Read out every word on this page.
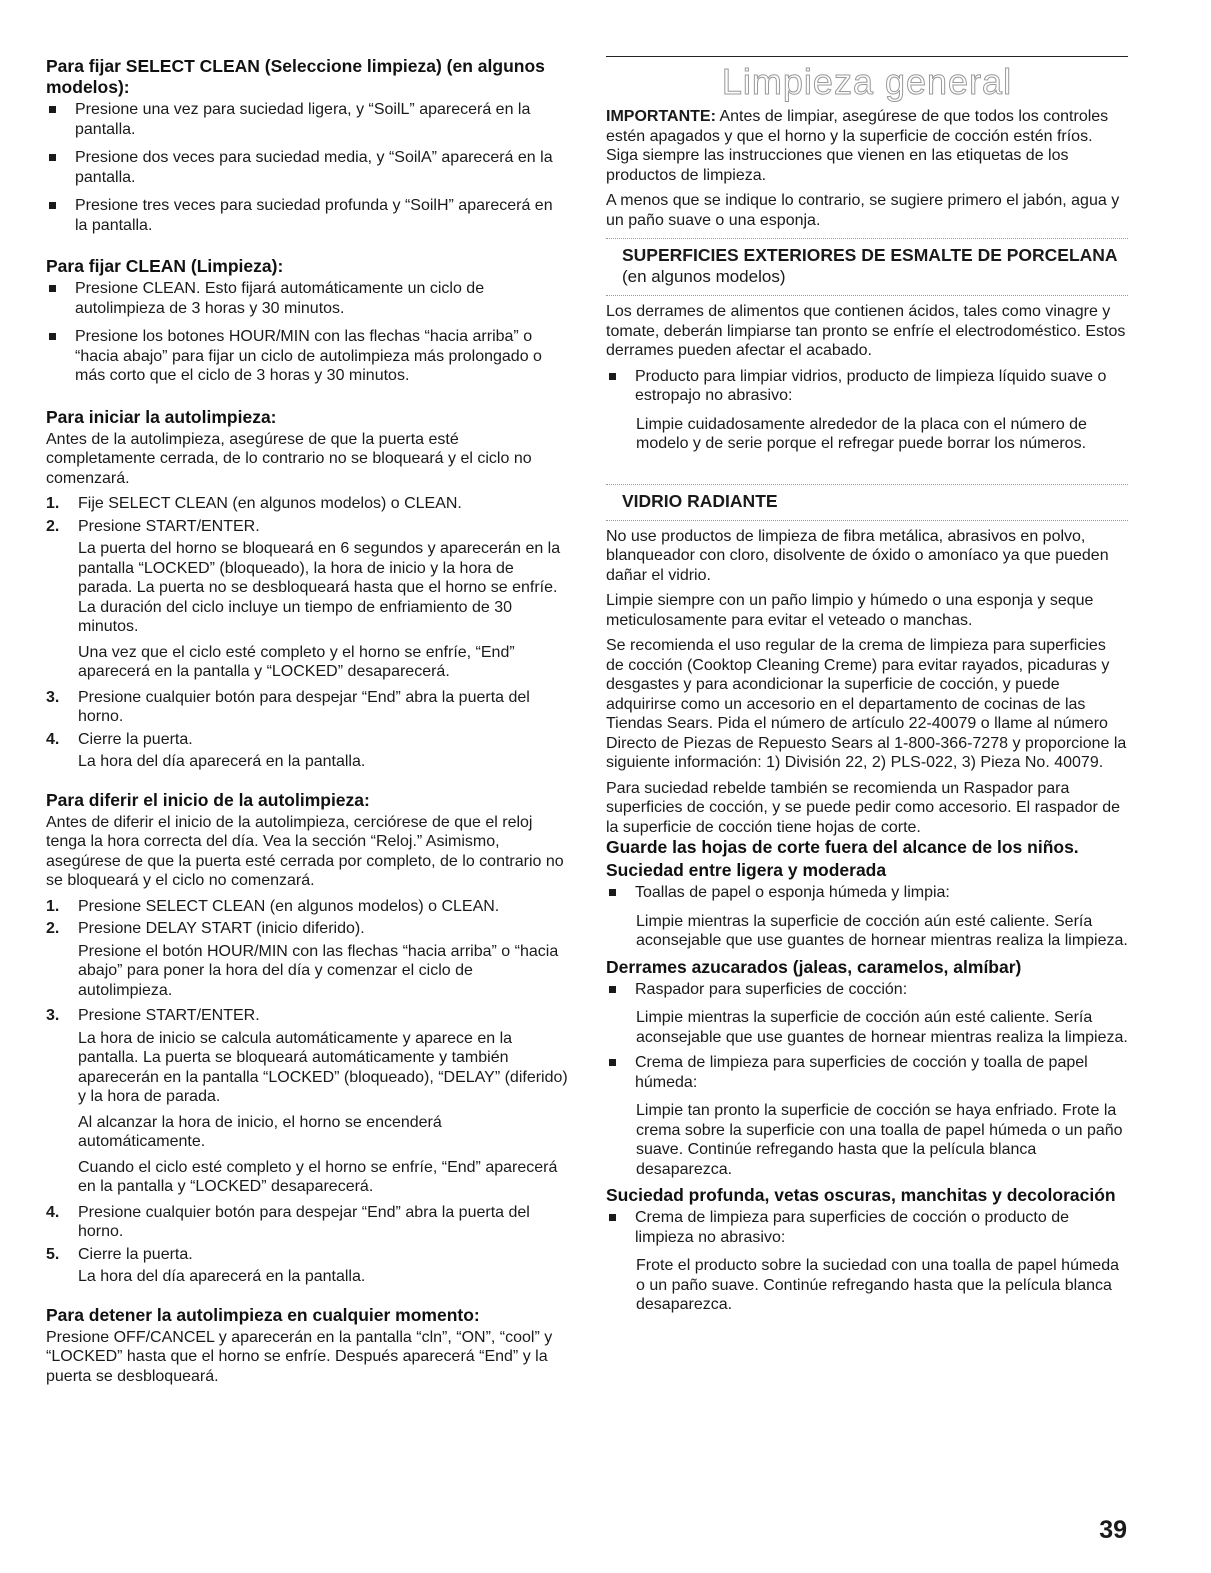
Para fijar SELECT CLEAN (Seleccione limpieza) (en algunos modelos):
Presione una vez para suciedad ligera, y “SoilL” aparecerá en la pantalla.
Presione dos veces para suciedad media, y “SoilA” aparecerá en la pantalla.
Presione tres veces para suciedad profunda y “SoilH” aparecerá en la pantalla.
Para fijar CLEAN (Limpieza):
Presione CLEAN. Esto fijará automáticamente un ciclo de autolimpieza de 3 horas y 30 minutos.
Presione los botones HOUR/MIN con las flechas “hacia arriba” o “hacia abajo” para fijar un ciclo de autolimpieza más prolongado o más corto que el ciclo de 3 horas y 30 minutos.
Para iniciar la autolimpieza:
Antes de la autolimpieza, asegúrese de que la puerta esté completamente cerrada, de lo contrario no se bloqueará y el ciclo no comenzará.
1.	Fije SELECT CLEAN (en algunos modelos) o CLEAN.
2.	Presione START/ENTER.
La puerta del horno se bloqueará en 6 segundos y aparecerán en la pantalla “LOCKED” (bloqueado), la hora de inicio y la hora de parada. La puerta no se desbloqueará hasta que el horno se enfríe. La duración del ciclo incluye un tiempo de enfriamiento de 30 minutos.
Una vez que el ciclo esté completo y el horno se enfríe, “End” aparecerá en la pantalla y “LOCKED” desaparecerá.
3.	Presione cualquier botón para despejar “End” abra la puerta del horno.
4.	Cierre la puerta.
La hora del día aparecerá en la pantalla.
Para diferir el inicio de la autolimpieza:
Antes de diferir el inicio de la autolimpieza, cerciórese de que el reloj tenga la hora correcta del día. Vea la sección “Reloj.” Asimismo, asegúrese de que la puerta esté cerrada por completo, de lo contrario no se bloqueará y el ciclo no comenzará.
1.	Presione SELECT CLEAN (en algunos modelos) o CLEAN.
2.	Presione DELAY START (inicio diferido).
Presione el botón HOUR/MIN con las flechas “hacia arriba” o “hacia abajo” para poner la hora del día y comenzar el ciclo de autolimpieza.
3.	Presione START/ENTER.
La hora de inicio se calcula automáticamente y aparece en la pantalla. La puerta se bloqueará automáticamente y también aparecerán en la pantalla “LOCKED” (bloqueado), “DELAY” (diferido) y la hora de parada.
Al alcanzar la hora de inicio, el horno se encenderá automáticamente.
Cuando el ciclo esté completo y el horno se enfríe, “End” aparecerá en la pantalla y “LOCKED” desaparecerá.
4.	Presione cualquier botón para despejar “End” abra la puerta del horno.
5.	Cierre la puerta.
La hora del día aparecerá en la pantalla.
Para detener la autolimpieza en cualquier momento:
Presione OFF/CANCEL y aparecerán en la pantalla “cln”, “ON”, “cool” y “LOCKED” hasta que el horno se enfríe. Después aparecerá “End” y la puerta se desbloqueará.
Limpieza general
IMPORTANTE: Antes de limpiar, asegúrese de que todos los controles estén apagados y que el horno y la superficie de cocción estén fríos. Siga siempre las instrucciones que vienen en las etiquetas de los productos de limpieza.
A menos que se indique lo contrario, se sugiere primero el jabón, agua y un paño suave o una esponja.
SUPERFICIES EXTERIORES DE ESMALTE DE PORCELANA
(en algunos modelos)
Los derrames de alimentos que contienen ácidos, tales como vinagre y tomate, deberán limpiarse tan pronto se enfríe el electrodoméstico. Estos derrames pueden afectar el acabado.
Producto para limpiar vidrios, producto de limpieza líquido suave o estropajo no abrasivo:
Limpie cuidadosamente alrededor de la placa con el número de modelo y de serie porque el refregar puede borrar los números.
VIDRIO RADIANTE
No use productos de limpieza de fibra metálica, abrasivos en polvo, blanqueador con cloro, disolvente de óxido o amoníaco ya que pueden dañar el vidrio.
Limpie siempre con un paño limpio y húmedo o una esponja y seque meticulosamente para evitar el veteado o manchas.
Se recomienda el uso regular de la crema de limpieza para superficies de cocción (Cooktop Cleaning Creme) para evitar rayados, picaduras y desgastes y para acondicionar la superficie de cocción, y puede adquirirse como un accesorio en el departamento de cocinas de las Tiendas Sears. Pida el número de artículo 22-40079 o llame al número Directo de Piezas de Repuesto Sears al 1-800-366-7278 y proporcione la siguiente información: 1) División 22, 2) PLS-022, 3) Pieza No. 40079.
Para suciedad rebelde también se recomienda un Raspador para superficies de cocción, y se puede pedir como accesorio. El raspador de la superficie de cocción tiene hojas de corte.
Guarde las hojas de corte fuera del alcance de los niños.
Suciedad entre ligera y moderada
Toallas de papel o esponja húmeda y limpia:
Limpie mientras la superficie de cocción aún esté caliente. Sería aconsejable que use guantes de hornear mientras realiza la limpieza.
Derrames azucarados (jaleas, caramelos, almíbar)
Raspador para superficies de cocción:
Limpie mientras la superficie de cocción aún esté caliente. Sería aconsejable que use guantes de hornear mientras realiza la limpieza.
Crema de limpieza para superficies de cocción y toalla de papel húmeda:
Limpie tan pronto la superficie de cocción se haya enfriado. Frote la crema sobre la superficie con una toalla de papel húmeda o un paño suave. Continúe refregando hasta que la película blanca desaparezca.
Suciedad profunda, vetas oscuras, manchitas y decoloración
Crema de limpieza para superficies de cocción o producto de limpieza no abrasivo:
Frote el producto sobre la suciedad con una toalla de papel húmeda o un paño suave. Continúe refregando hasta que la película blanca desaparezca.
39
